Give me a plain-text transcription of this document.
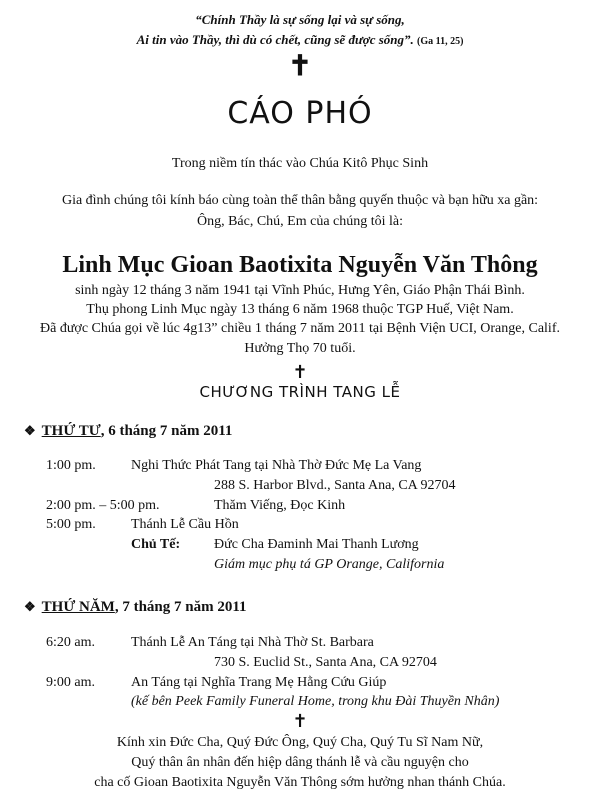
“Chính Thầy là sự sống lại và sự sống,
Ai tin vào Thầy, thì dù có chết, cũng sẽ được sống”. (Ga 11, 25)
✝
CÁO PHÓ
Trong niềm tín thác vào Chúa Kitô Phục Sinh
Gia đình chúng tôi kính báo cùng toàn thể thân bằng quyến thuộc và bạn hữu xa gần:
Ông, Bác, Chú, Em của chúng tôi là:
Linh Mục Gioan Baotixita Nguyễn Văn Thông
sinh ngày 12 tháng 3 năm 1941 tại Vĩnh Phúc, Hưng Yên, Giáo Phận Thái Bình.
Thụ phong Linh Mục ngày 13 tháng 6 năm 1968 thuộc TGP Huế, Việt Nam.
Đã được Chúa gọi về lúc 4g13” chiều 1 tháng 7 năm 2011 tại Bệnh Viện UCI, Orange, Calif.
Hưởng Thọ 70 tuổi.
✝
CHƯƠNG TRÌNH TANG LỄ
❖ THỨ TƯ, 6 tháng 7 năm 2011
1:00 pm.	Nghi Thức Phát Tang tại Nhà Thờ Đức Mẹ La Vang
288 S. Harbor Blvd., Santa Ana, CA 92704
2:00 pm. – 5:00 pm.	Thăm Viếng, Đọc Kinh
5:00 pm.	Thánh Lễ Cầu Hồn
Chủ Tế: Đức Cha Đaminh Mai Thanh Lương
Giám mục phụ tá GP Orange, California
❖ THỨ NĂM, 7 tháng 7 năm 2011
6:20 am.	Thánh Lễ An Táng tại Nhà Thờ St. Barbara
730 S. Euclid St., Santa Ana, CA 92704
9:00 am.	An Táng tại Nghĩa Trang Mẹ Hằng Cứu Giúp
(kế bên Peek Family Funeral Home, trong khu Đài Thuyền Nhân)
✝
Kính xin Đức Cha, Quý Đức Ông, Quý Cha, Quý Tu Sĩ Nam Nữ,
Quý thân ân nhân đến hiệp dâng thánh lễ và cầu nguyện cho
cha cố Gioan Baotixita Nguyễn Văn Thông sớm hưởng nhan thánh Chúa.
